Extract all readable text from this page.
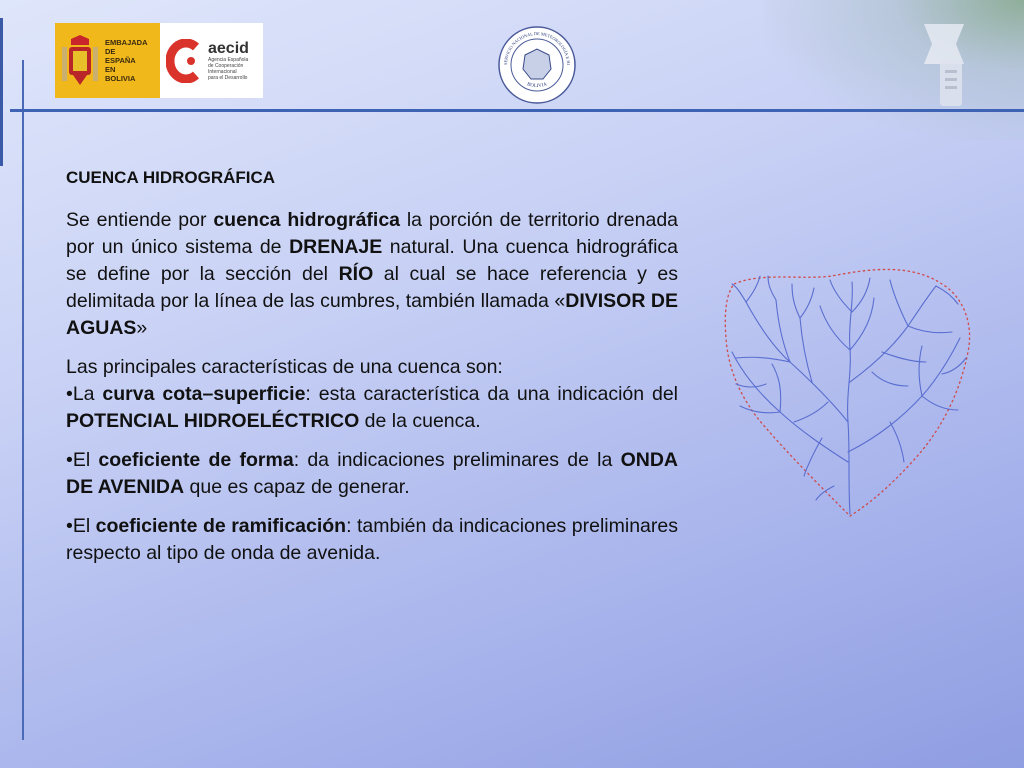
EMBAJADA
DE ESPAÑA
EN BOLIVIA
aecid
Agencia Española
de Cooperación
Internacional
para el Desarrollo
SERVICIO NACIONAL DE METEOROLOGÍA E HI
BOLIVIA
CUENCA HIDROGRÁFICA

Se entiende por cuenca hidrográfica la porción de territorio drenada por un único sistema de DRENAJE natural. Una cuenca hidrográfica se define por la sección del RÍO al cual se hace referencia y es delimitada por la línea de las cumbres, también llamada «DIVISOR DE AGUAS»

Las principales características de una cuenca son:

•La curva cota–superficie: esta característica da una indicación del POTENCIAL HIDROELÉCTRICO de la cuenca.

•El coeficiente de forma: da indicaciones preliminares de la ONDA DE AVENIDA que es capaz de generar.

•El coeficiente de ramificación: también da indicaciones preliminares respecto al tipo de onda de avenida.
